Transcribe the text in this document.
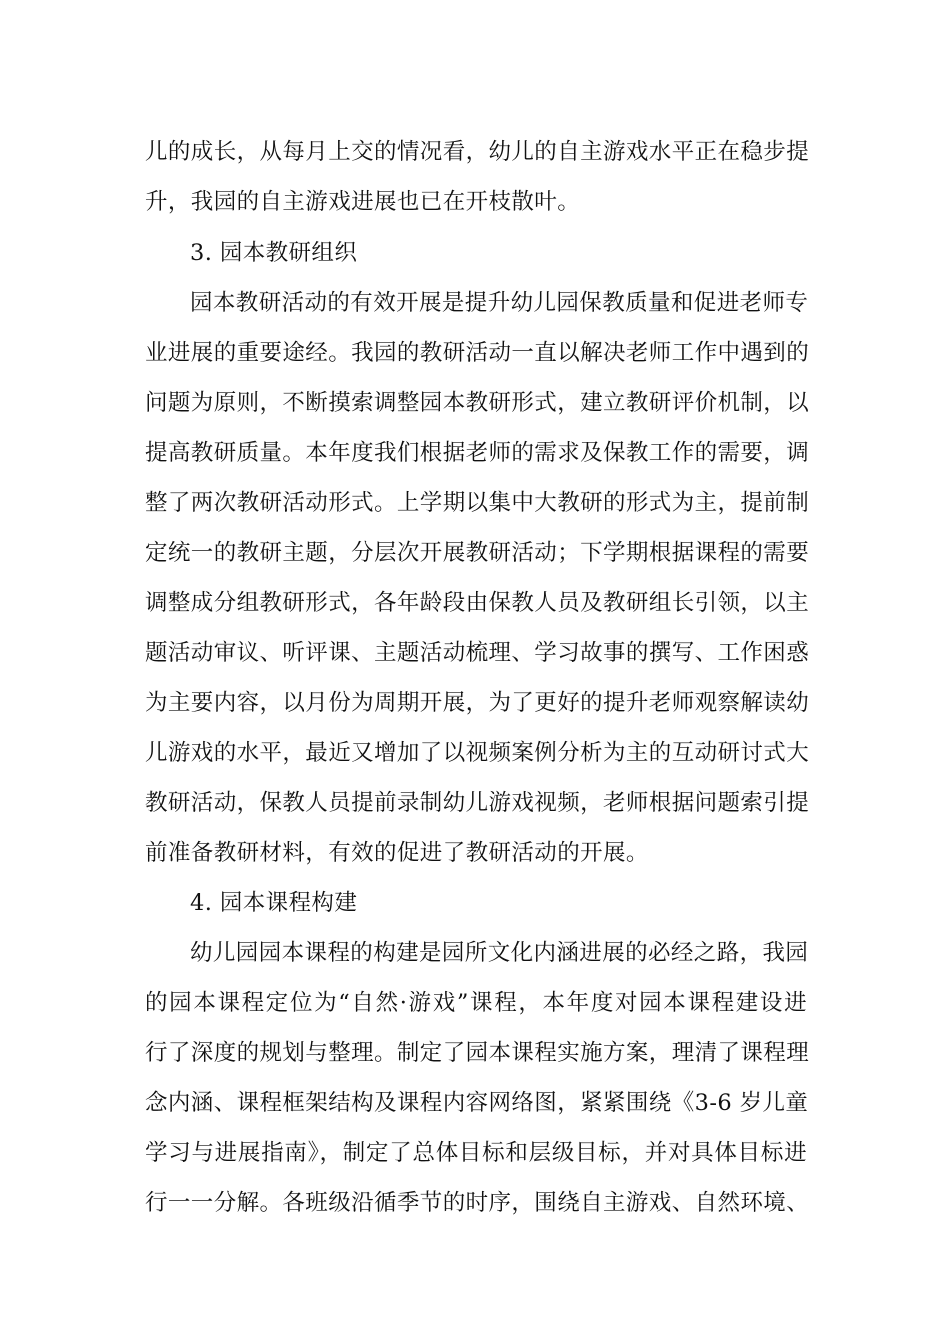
儿的成长，从每月上交的情况看，幼儿的自主游戏水平正在稳步提
升，我园的自主游戏进展也已在开枝散叶。
3. 园本教研组织
园本教研活动的有效开展是提升幼儿园保教质量和促进老师专
业进展的重要途经。我园的教研活动一直以解决老师工作中遇到的
问题为原则，不断摸索调整园本教研形式，建立教研评价机制，以
提高教研质量。本年度我们根据老师的需求及保教工作的需要，调
整了两次教研活动形式。上学期以集中大教研的形式为主，提前制
定统一的教研主题，分层次开展教研活动；下学期根据课程的需要
调整成分组教研形式，各年龄段由保教人员及教研组长引领，以主
题活动审议、听评课、主题活动梳理、学习故事的撰写、工作困惑
为主要内容，以月份为周期开展，为了更好的提升老师观察解读幼
儿游戏的水平，最近又增加了以视频案例分析为主的互动研讨式大
教研活动，保教人员提前录制幼儿游戏视频，老师根据问题索引提
前准备教研材料，有效的促进了教研活动的开展。
4. 园本课程构建
幼儿园园本课程的构建是园所文化内涵进展的必经之路，我园
的园本课程定位为“自然·游戏”课程，本年度对园本课程建设进
行了深度的规划与整理。制定了园本课程实施方案，理清了课程理
念内涵、课程框架结构及课程内容网络图，紧紧围绕《3-6 岁儿童
学习与进展指南》，制定了总体目标和层级目标，并对具体目标进
行一一分解。各班级沿循季节的时序，围绕自主游戏、自然环境、
